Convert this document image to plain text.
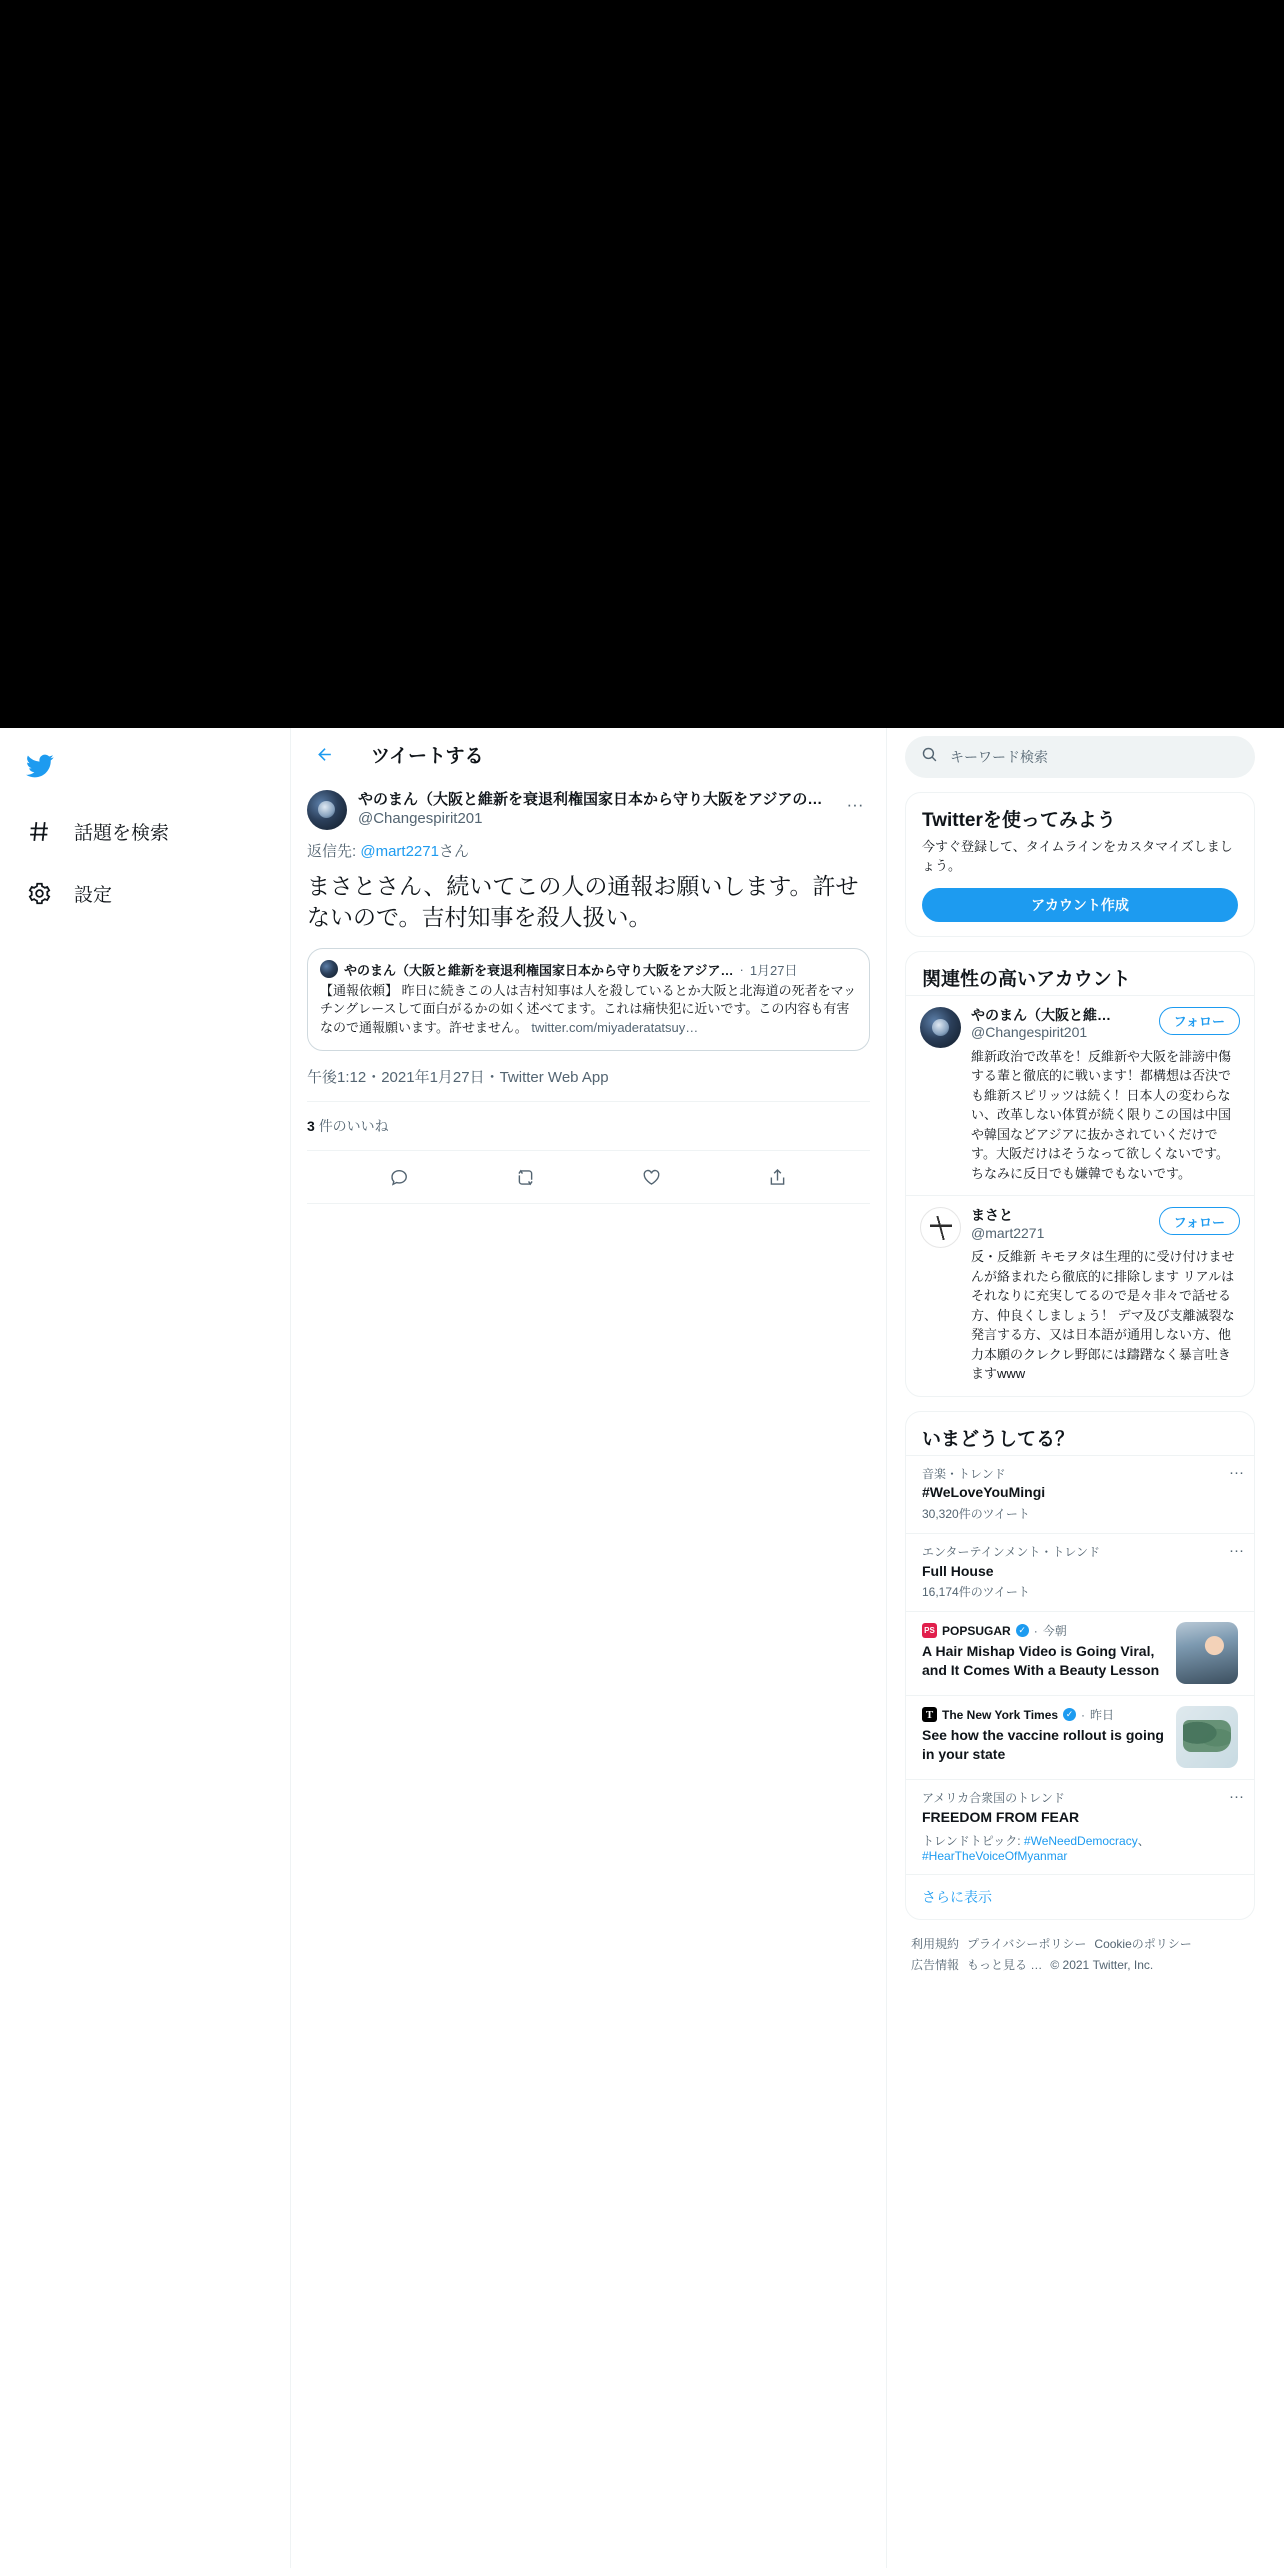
話題を検索
設定
ツイートする
やのまん（大阪と維新を衰退利権国家日本から守り大阪をアジアの…
@Changespirit201
···
返信先: @mart2271さん
まさとさん、続いてこの人の通報お願いします。許せないので。吉村知事を殺人扱い。
やのまん（大阪と維新を衰退利権国家日本から守り大阪をアジア… · 1月27日
【通報依頼】 昨日に続きこの人は吉村知事は人を殺しているとか大阪と北海道の死者をマッチングレースして面白がるかの如く述べてます。これは痛快犯に近いです。この内容も有害なので通報願います。許せません。 twitter.com/miyaderatatsuy…
午後1:12・2021年1月27日・Twitter Web App
3 件のいいね
キーワード検索
Twitterを使ってみよう
今すぐ登録して、タイムラインをカスタマイズしましょう。
アカウント作成
関連性の高いアカウント
やのまん（大阪と維…
@Changespirit201
フォロー
維新政治で改革を！反維新や大阪を誹謗中傷する輩と徹底的に戦います！都構想は否決でも維新スピリッツは続く！日本人の変わらない、改革しない体質が続く限りこの国は中国や韓国などアジアに抜かされていくだけです。大阪だけはそうなって欲しくないです。ちなみに反日でも嫌韓でもないです。
まさと
@mart2271
フォロー
反・反維新 キモヲタは生理的に受け付けませんが絡まれたら徹底的に排除します リアルはそれなりに充実してるので是々非々で話せる方、仲良くしましょう！ デマ及び支離滅裂な発言する方、又は日本語が通用しない方、他力本願のクレクレ野郎には躊躇なく暴言吐きますwww
いまどうしてる？
音楽・トレンド
#WeLoveYouMingi
30,320件のツイート
···
エンターテインメント・トレンド
Full House
16,174件のツイート
···
PS POPSUGAR ✓ · 今朝
A Hair Mishap Video is Going Viral, and It Comes With a Beauty Lesson
T The New York Times ✓ · 昨日
See how the vaccine rollout is going in your state
アメリカ合衆国のトレンド
FREEDOM FROM FEAR
トレンドトピック: #WeNeedDemocracy、#HearTheVoiceOfMyanmar
···
さらに表示
利用規約 プライバシーポリシー Cookieのポリシー
広告情報 もっと見る … © 2021 Twitter, Inc.
